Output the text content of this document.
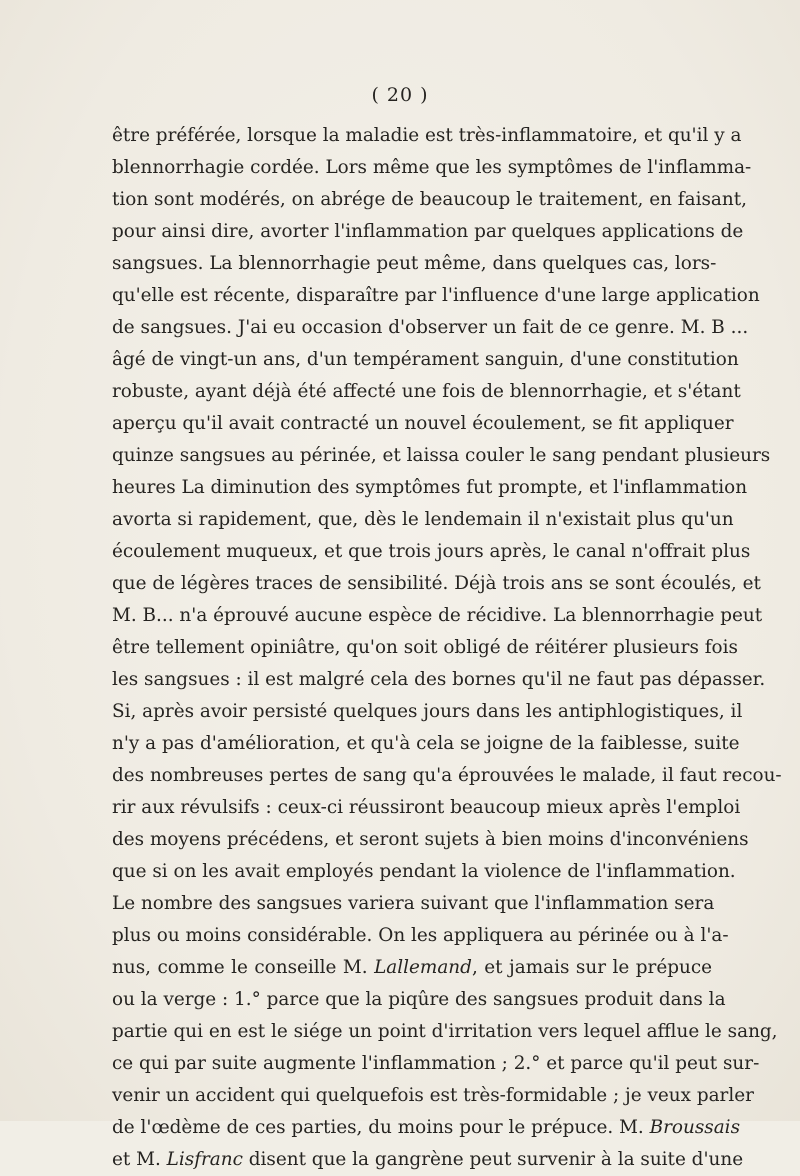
( 20 )
être préférée, lorsque la maladie est très-inflammatoire, et qu'il y a
blennorrhagie cordée. Lors même que les symptômes de l'inflamma-
tion sont modérés, on abrége de beaucoup le traitement, en faisant,
pour ainsi dire, avorter l'inflammation par quelques applications de
sangsues. La blennorrhagie peut même, dans quelques cas, lors-
qu'elle est récente, disparaître par l'influence d'une large application
de sangsues. J'ai eu occasion d'observer un fait de ce genre. M. B ...
âgé de vingt-un ans, d'un tempérament sanguin, d'une constitution
robuste, ayant déjà été affecté une fois de blennorrhagie, et s'étant
aperçu qu'il avait contracté un nouvel écoulement, se fit appliquer
quinze sangsues au périnée, et laissa couler le sang pendant plusieurs
heures La diminution des symptômes fut prompte, et l'inflammation
avorta si rapidement, que, dès le lendemain il n'existait plus qu'un
écoulement muqueux, et que trois jours après, le canal n'offrait plus
que de légères traces de sensibilité. Déjà trois ans se sont écoulés, et
M. B... n'a éprouvé aucune espèce de récidive. La blennorrhagie peut
être tellement opiniâtre, qu'on soit obligé de réitérer plusieurs fois
les sangsues : il est malgré cela des bornes qu'il ne faut pas dépasser.
Si, après avoir persisté quelques jours dans les antiphlogistiques, il
n'y a pas d'amélioration, et qu'à cela se joigne de la faiblesse, suite
des nombreuses pertes de sang qu'a éprouvées le malade, il faut recou-
rir aux révulsifs : ceux-ci réussiront beaucoup mieux après l'emploi
des moyens précédens, et seront sujets à bien moins d'inconvéniens
que si on les avait employés pendant la violence de l'inflammation.
Le nombre des sangsues variera suivant que l'inflammation sera
plus ou moins considérable. On les appliquera au périnée ou à l'a-
nus, comme le conseille M. Lallemand, et jamais sur le prépuce
ou la verge : 1.° parce que la piqûre des sangsues produit dans la
partie qui en est le siége un point d'irritation vers lequel afflue le sang,
ce qui par suite augmente l'inflammation ; 2.° et parce qu'il peut sur-
venir un accident qui quelquefois est très-formidable ; je veux parler
de l'œdème de ces parties, du moins pour le prépuce. M. Broussais
et M. Lisfranc disent que la gangrène peut survenir à la suite d'une
